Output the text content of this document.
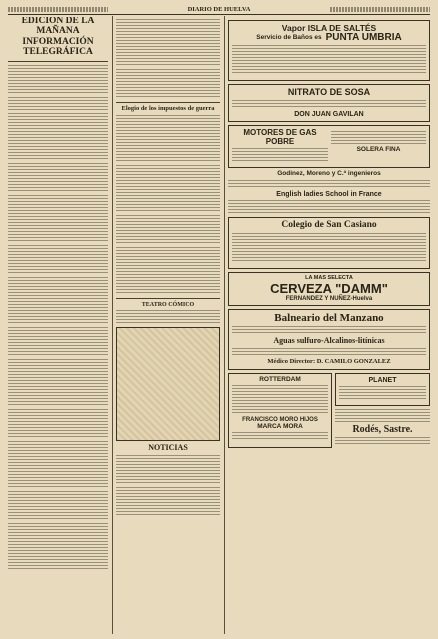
DIARIO DE HUELVA
EDICIÓN DE LA MAÑANA
INFORMACIÓN TELEGRÁFICA
Elogio de los impuestos de guerra
TEATRO CÓMICO
NOTICIAS
Vapor ISLA DE SALTÉS
Servicio de Baños es PUNTA UMBRIA
NITRATO DE SOSA
DON JUAN GAVILAN
MOTORES DE GAS POBRE
SOLERA FINA
Godinez, Moreno y C.ª ingenieros
English ladies School in France
Colegio de San Casiano
LA MAS SELECTA
CERVEZA "DAMM"
FERNANDEZ Y NUÑEZ-Huelva
Balneario del Manzano
Aguas sulfuro-Alcalinos-litínicas
Médico Director: D. CAMILO GONZALEZ
ROTTERDAM
FRANCISCO MORO HIJOS
MARCA MORA
PLANET
Rodés, Sastre.
